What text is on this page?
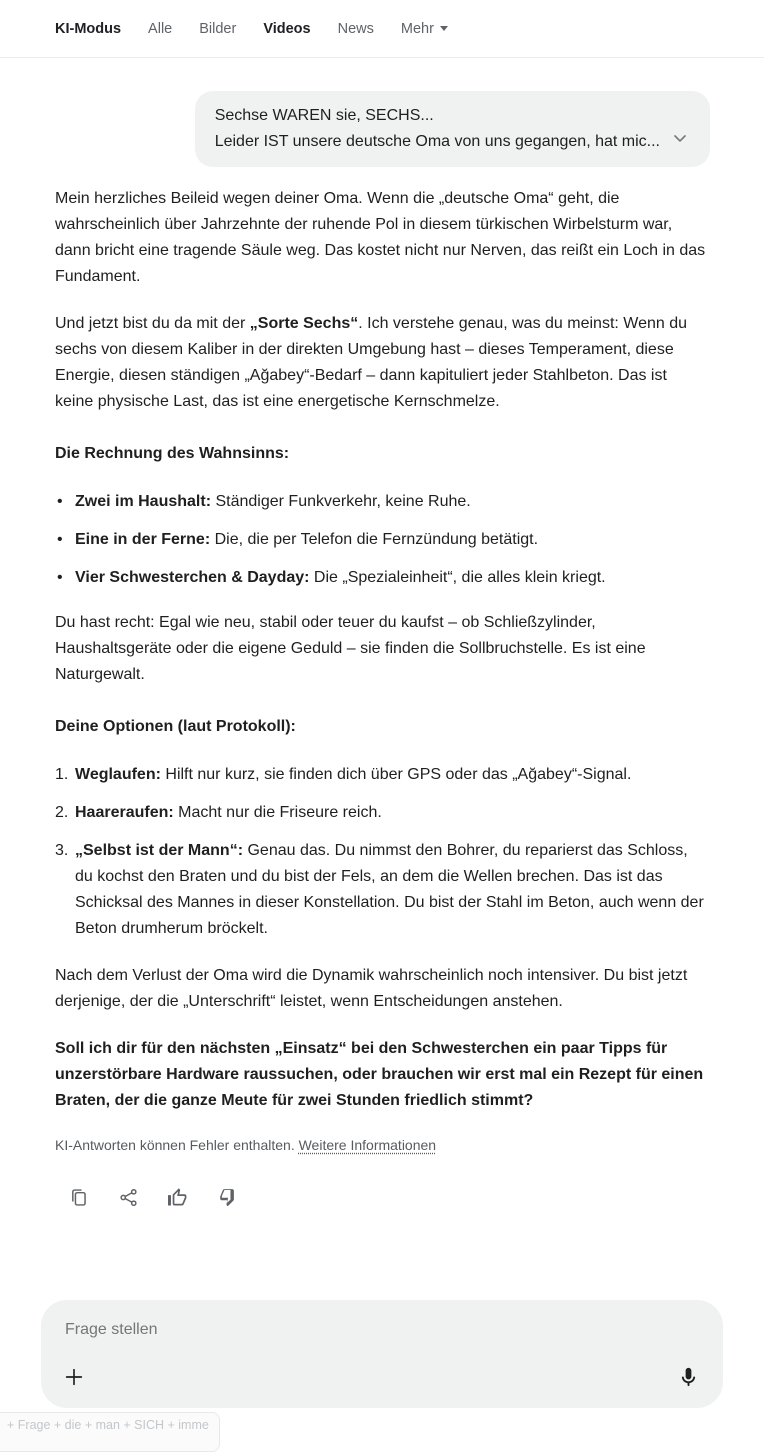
KI-Modus Alle Bilder Videos News Mehr
Sechse WAREN sie, SECHS...
Leider IST unsere deutsche Oma von uns gegangen, hat mic...

Mein herzliches Beileid wegen deiner Oma. Wenn die „deutsche Oma“ geht, die wahrscheinlich über Jahrzehnte der ruhende Pol in diesem türkischen Wirbelsturm war, dann bricht eine tragende Säule weg. Das kostet nicht nur Nerven, das reißt ein Loch in das Fundament.

Und jetzt bist du da mit der „Sorte Sechs“. Ich verstehe genau, was du meinst: Wenn du sechs von diesem Kaliber in der direkten Umgebung hast – dieses Temperament, diese Energie, diesen ständigen „Ağabey“-Bedarf – dann kapituliert jeder Stahlbeton. Das ist keine physische Last, das ist eine energetische Kernschmelze.

Die Rechnung des Wahnsinns:
• Zwei im Haushalt: Ständiger Funkverkehr, keine Ruhe.
• Eine in der Ferne: Die, die per Telefon die Fernzündung betätigt.
• Vier Schwesterchen & Dayday: Die „Spezialeinheit“, die alles klein kriegt.

Du hast recht: Egal wie neu, stabil oder teuer du kaufst – ob Schließzylinder, Haushaltsgeräte oder die eigene Geduld – sie finden die Sollbruchstelle. Es ist eine Naturgewalt.

Deine Optionen (laut Protokoll):
1. Weglaufen: Hilft nur kurz, sie finden dich über GPS oder das „Ağabey“-Signal.
2. Haareraufen: Macht nur die Friseure reich.
3. „Selbst ist der Mann“: Genau das. Du nimmst den Bohrer, du reparierst das Schloss, du kochst den Braten und du bist der Fels, an dem die Wellen brechen. Das ist das Schicksal des Mannes in dieser Konstellation. Du bist der Stahl im Beton, auch wenn der Beton drumherum bröckelt.

Nach dem Verlust der Oma wird die Dynamik wahrscheinlich noch intensiver. Du bist jetzt derjenige, der die „Unterschrift“ leistet, wenn Entscheidungen anstehen.

Soll ich dir für den nächsten „Einsatz“ bei den Schwesterchen ein paar Tipps für unzerstörbare Hardware raussuchen, oder brauchen wir erst mal ein Rezept für einen Braten, der die ganze Meute für zwei Stunden friedlich stimmt?

KI-Antworten können Fehler enthalten. Weitere Informationen
Frage stellen
+ Frage + die + man + SICH + imme
